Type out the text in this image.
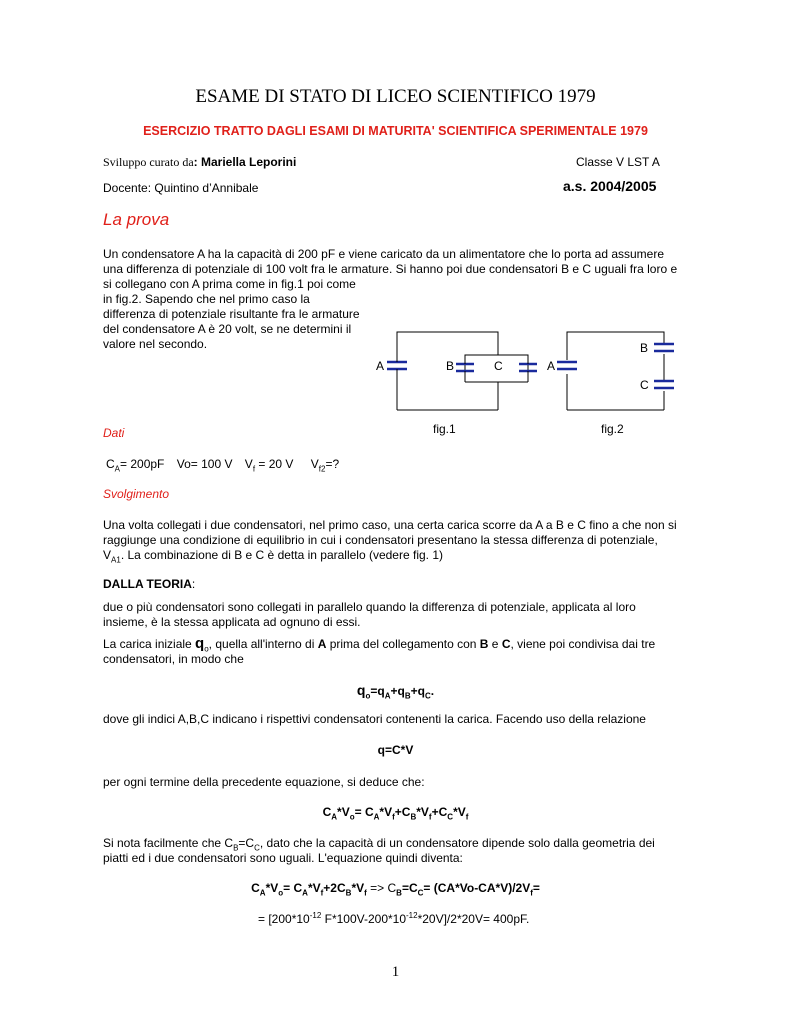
ESAME DI STATO DI LICEO SCIENTIFICO 1979
ESERCIZIO TRATTO DAGLI ESAMI DI MATURITA' SCIENTIFICA SPERIMENTALE 1979
Sviluppo curato da: Mariella Leporini	Classe V LST A
Docente: Quintino d’Annibale	a.s. 2004/2005
La prova
Un condensatore A ha la capacità di 200 pF e viene caricato da un alimentatore che lo porta ad assumere
una differenza di potenziale di 100 volt fra le armature. Si hanno poi due condensatori B e C uguali fra loro e
si collegano con A prima come in fig.1 poi come
in fig.2. Sapendo che nel primo caso la
differenza di potenziale risultante fra le armature
del condensatore A è 20 volt, se ne determini il
valore nel secondo.
A	B	C	A
B
C
fig.1	fig.2
Dati
$C_A= 200pF$ Vo= 100 V $V_f = 20$ V $V_{f2}=$?
Svolgimento
Una volta collegati i due condensatori, nel primo caso, una certa carica scorre da A a B e C fino a che non si
raggiunge una condizione di equilibrio in cui i condensatori presentano la stessa differenza di potenziale,
$V_{A1}$. La combinazione di B e C è detta in parallelo (vedere fig. 1)
DALLA TEORIA:
due o più condensatori sono collegati in parallelo quando la differenza di potenziale, applicata al loro
insieme, è la stessa applicata ad ognuno di essi.
La carica iniziale $q_o$, quella all'interno di A prima del collegamento con B e C, viene poi condivisa dai tre
condensatori, in modo che
$q_o=q_A+q_B+q_C$.
dove gli indici A,B,C indicano i rispettivi condensatori contenenti la carica. Facendo uso della relazione
q=C*V
per ogni termine della precedente equazione, si deduce che:
$C_A*V_o= C_A*V_f+C_B*V_f+C_C*V_f$
Si nota facilmente che $C_B=C_C$, dato che la capacità di un condensatore dipende solo dalla geometria dei
piatti ed i due condensatori sono uguali. L'equazione quindi diventa:
$C_A*V_o= C_A*V_f+2C_B*V_f => C_B=C_C= (CA*Vo-CA*V)/2V_f=$
= [$200*10^{-12}$ $F*100V-200*10^{-12}*20V]/2*20V= 400pF$.
1
